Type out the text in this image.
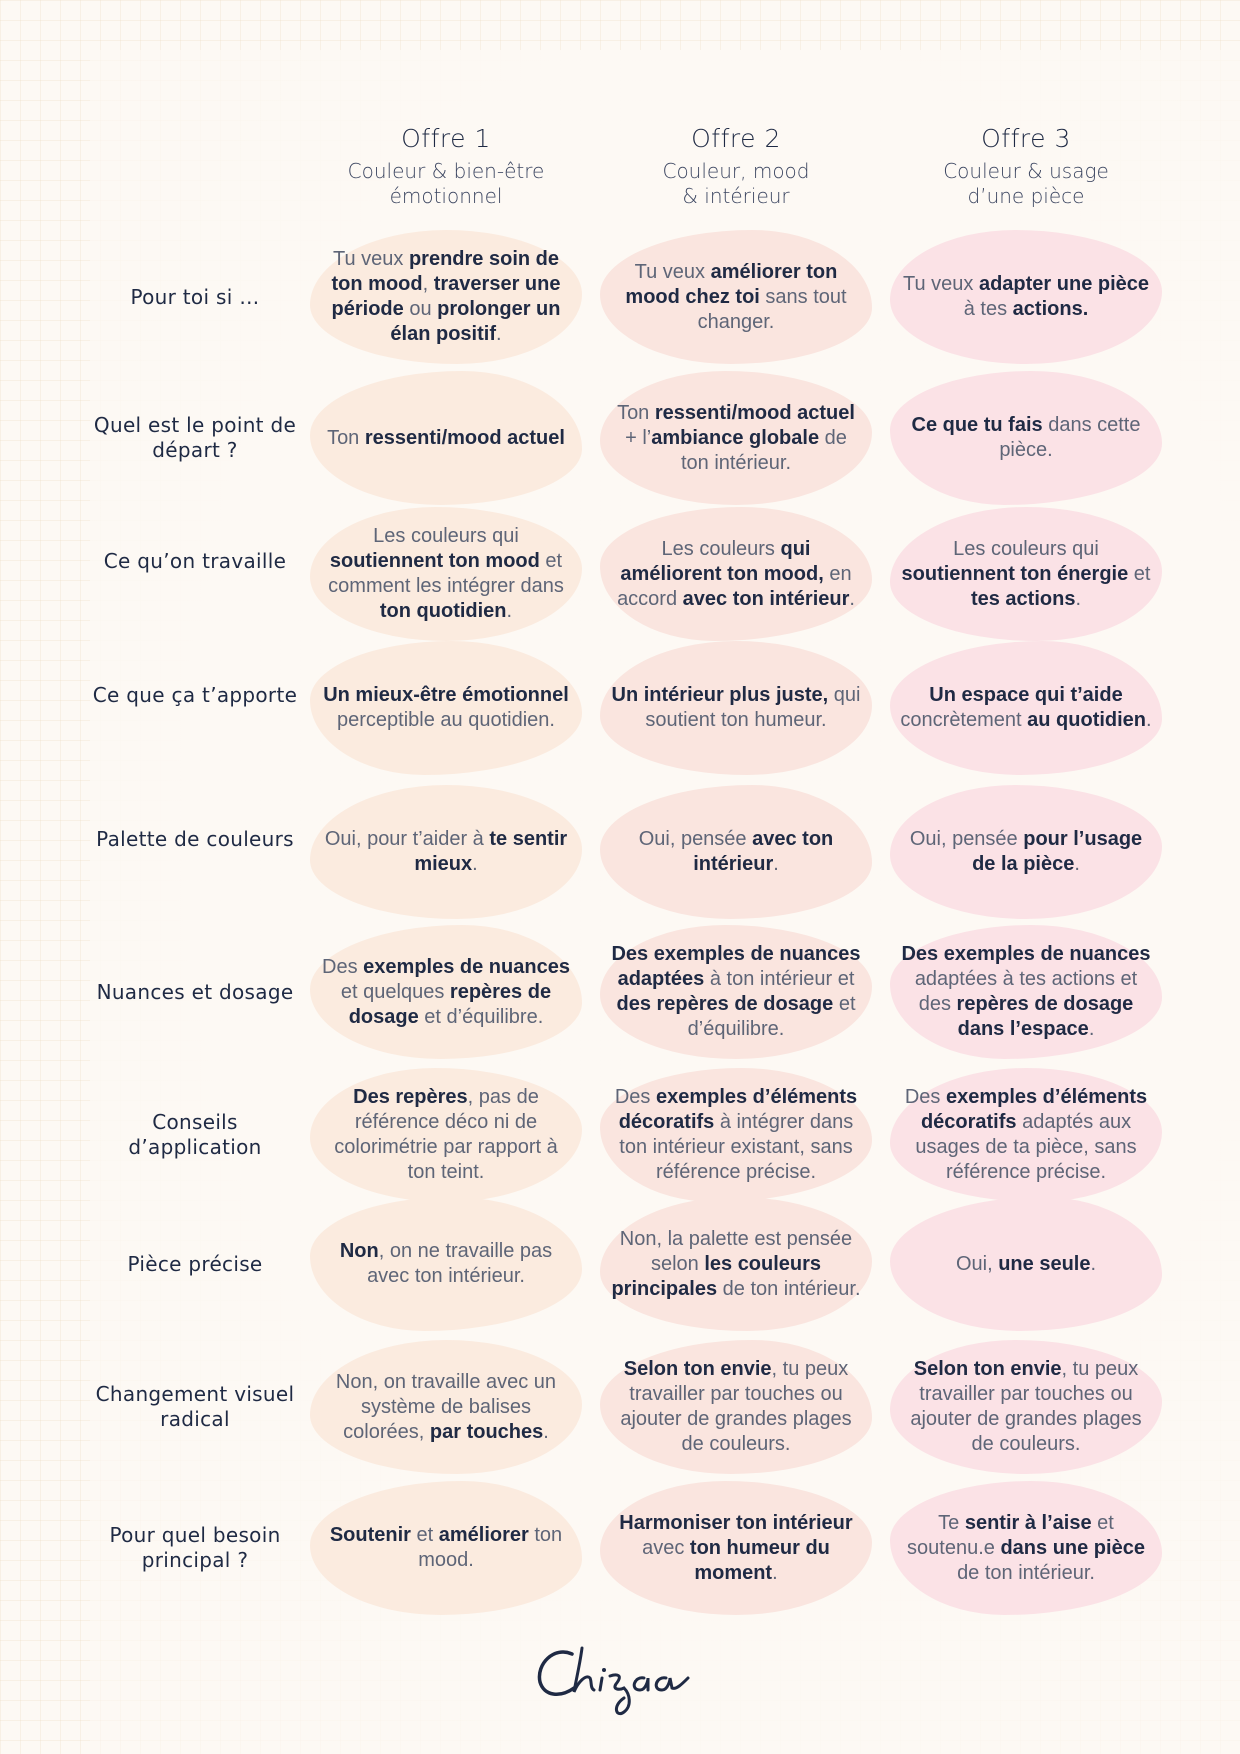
Offre 1
Couleur & bien-être
émotionnel
Offre 2
Couleur, mood
& intérieur
Offre 3
Couleur & usage
d’une pièce
Pour toi si …
Tu veux prendre soin de ton mood, traverser une période ou prolonger un élan positif.
Tu veux améliorer ton mood chez toi sans tout changer.
Tu veux adapter une pièce à tes actions.
Quel est le point de départ ?
Ton ressenti/mood actuel
Ton ressenti/mood actuel + l’ambiance globale de ton intérieur.
Ce que tu fais dans cette pièce.
Ce qu’on travaille
Les couleurs qui soutiennent ton mood et comment les intégrer dans ton quotidien.
Les couleurs qui améliorent ton mood, en accord avec ton intérieur.
Les couleurs qui soutiennent ton énergie et tes actions.
Ce que ça t’apporte Un mieux-être émotionnel perceptible au quotidien.
Un intérieur plus juste, qui soutient ton humeur.
Un espace qui t’aide concrètement au quotidien.
Palette de couleurs	Oui, pour t’aider à te sentir mieux.
Oui, pensée avec ton intérieur.
Oui, pensée pour l’usage de la pièce.
Nuances et dosage
Des exemples de nuances et quelques repères de dosage et d’équilibre.
Des exemples de nuances adaptées à ton intérieur et des repères de dosage et d’équilibre.
Des exemples de nuances adaptées à tes actions et des repères de dosage dans l’espace.
Conseils d’application
Des repères, pas de référence déco ni de colorimétrie par rapport à ton teint.
Des exemples d’éléments décoratifs à intégrer dans ton intérieur existant, sans référence précise.
Des exemples d’éléments décoratifs adaptés aux usages de ta pièce, sans référence précise.
Pièce précise
Non, on ne travaille pas avec ton intérieur.
Non, la palette est pensée selon les couleurs principales de ton intérieur.
Oui, une seule.
Changement visuel radical
Non, on travaille avec un système de balises colorées, par touches.
Selon ton envie, tu peux travailler par touches ou ajouter de grandes plages de couleurs.
Selon ton envie, tu peux travailler par touches ou ajouter de grandes plages de couleurs.
Pour quel besoin principal ?
Soutenir et améliorer ton mood.
Harmoniser ton intérieur avec ton humeur du moment.
Te sentir à l’aise et soutenu.e dans une pièce de ton intérieur.
